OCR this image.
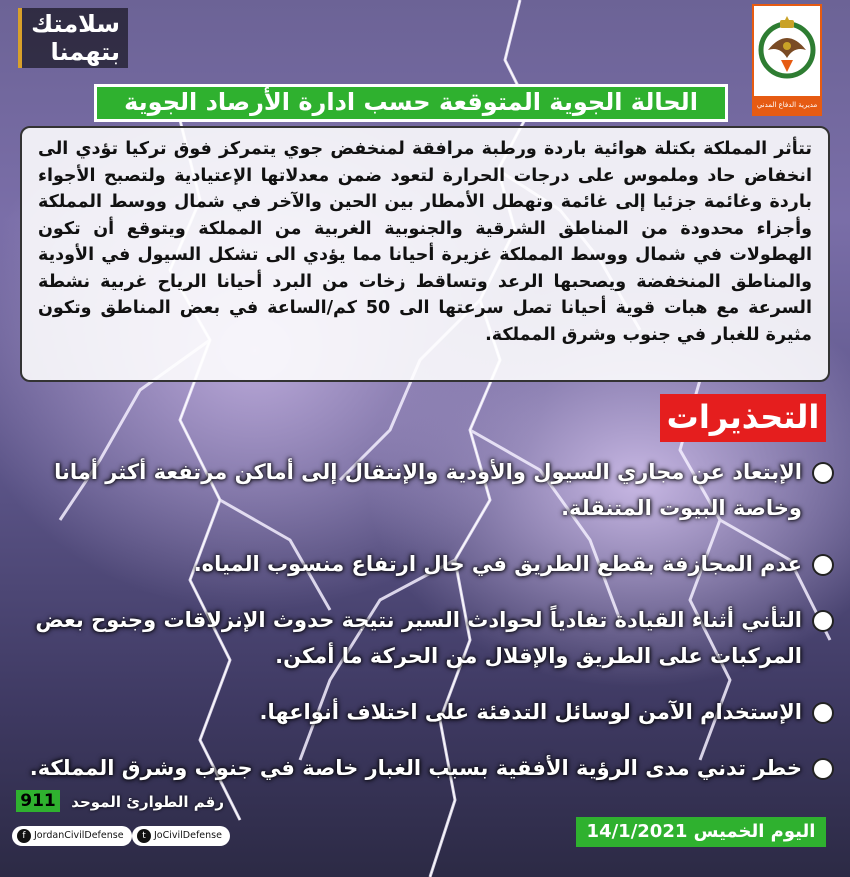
سلامتك
بتهمنا
مديرية الدفاع المدني
الحالة الجوية المتوقعة حسب ادارة الأرصاد الجوية
تتأثر المملكة بكتلة هوائية باردة ورطبة مرافقة لمنخفض جوي يتمركز فوق تركيا تؤدي الى انخفاض حاد وملموس على درجات الحرارة لتعود ضمن معدلاتها الإعتيادية ولتصبح الأجواء باردة وغائمة جزئيا إلى غائمة وتهطل الأمطار بين الحين والآخر في شمال ووسط المملكة وأجزاء محدودة من المناطق الشرقية والجنوبية الغربية من المملكة ويتوقع أن تكون الهطولات في شمال ووسط المملكة غزيرة أحيانا مما يؤدي الى تشكل السيول في الأودية والمناطق المنخفضة ويصحبها الرعد وتساقط زخات من البرد أحيانا الرياح غربية نشطة السرعة مع هبات قوية أحيانا تصل سرعتها الى 50 كم/الساعة في بعض المناطق وتكون مثيرة للغبار في جنوب وشرق المملكة.
التحذيرات
الإبتعاد عن مجاري السيول والأودية والإنتقال إلى أماكن مرتفعة أكثر أمانا وخاصة البيوت المتنقلة.
عدم المجازفة بقطع الطريق في حال ارتفاع منسوب المياه.
التأني أثناء القيادة تفادياً لحوادث السير نتيجة حدوث الإنزلاقات وجنوح بعض المركبات على الطريق والإقلال من الحركة ما أمكن.
الإستخدام الآمن لوسائل التدفئة على اختلاف أنواعها.
خطر تدني مدى الرؤية الأفقية بسبب الغبار خاصة في جنوب وشرق المملكة.
رقم الطوارئ الموحد
911
f JordanCivilDefense	t JoCivilDefense	اليوم الخميس 14/1/2021
